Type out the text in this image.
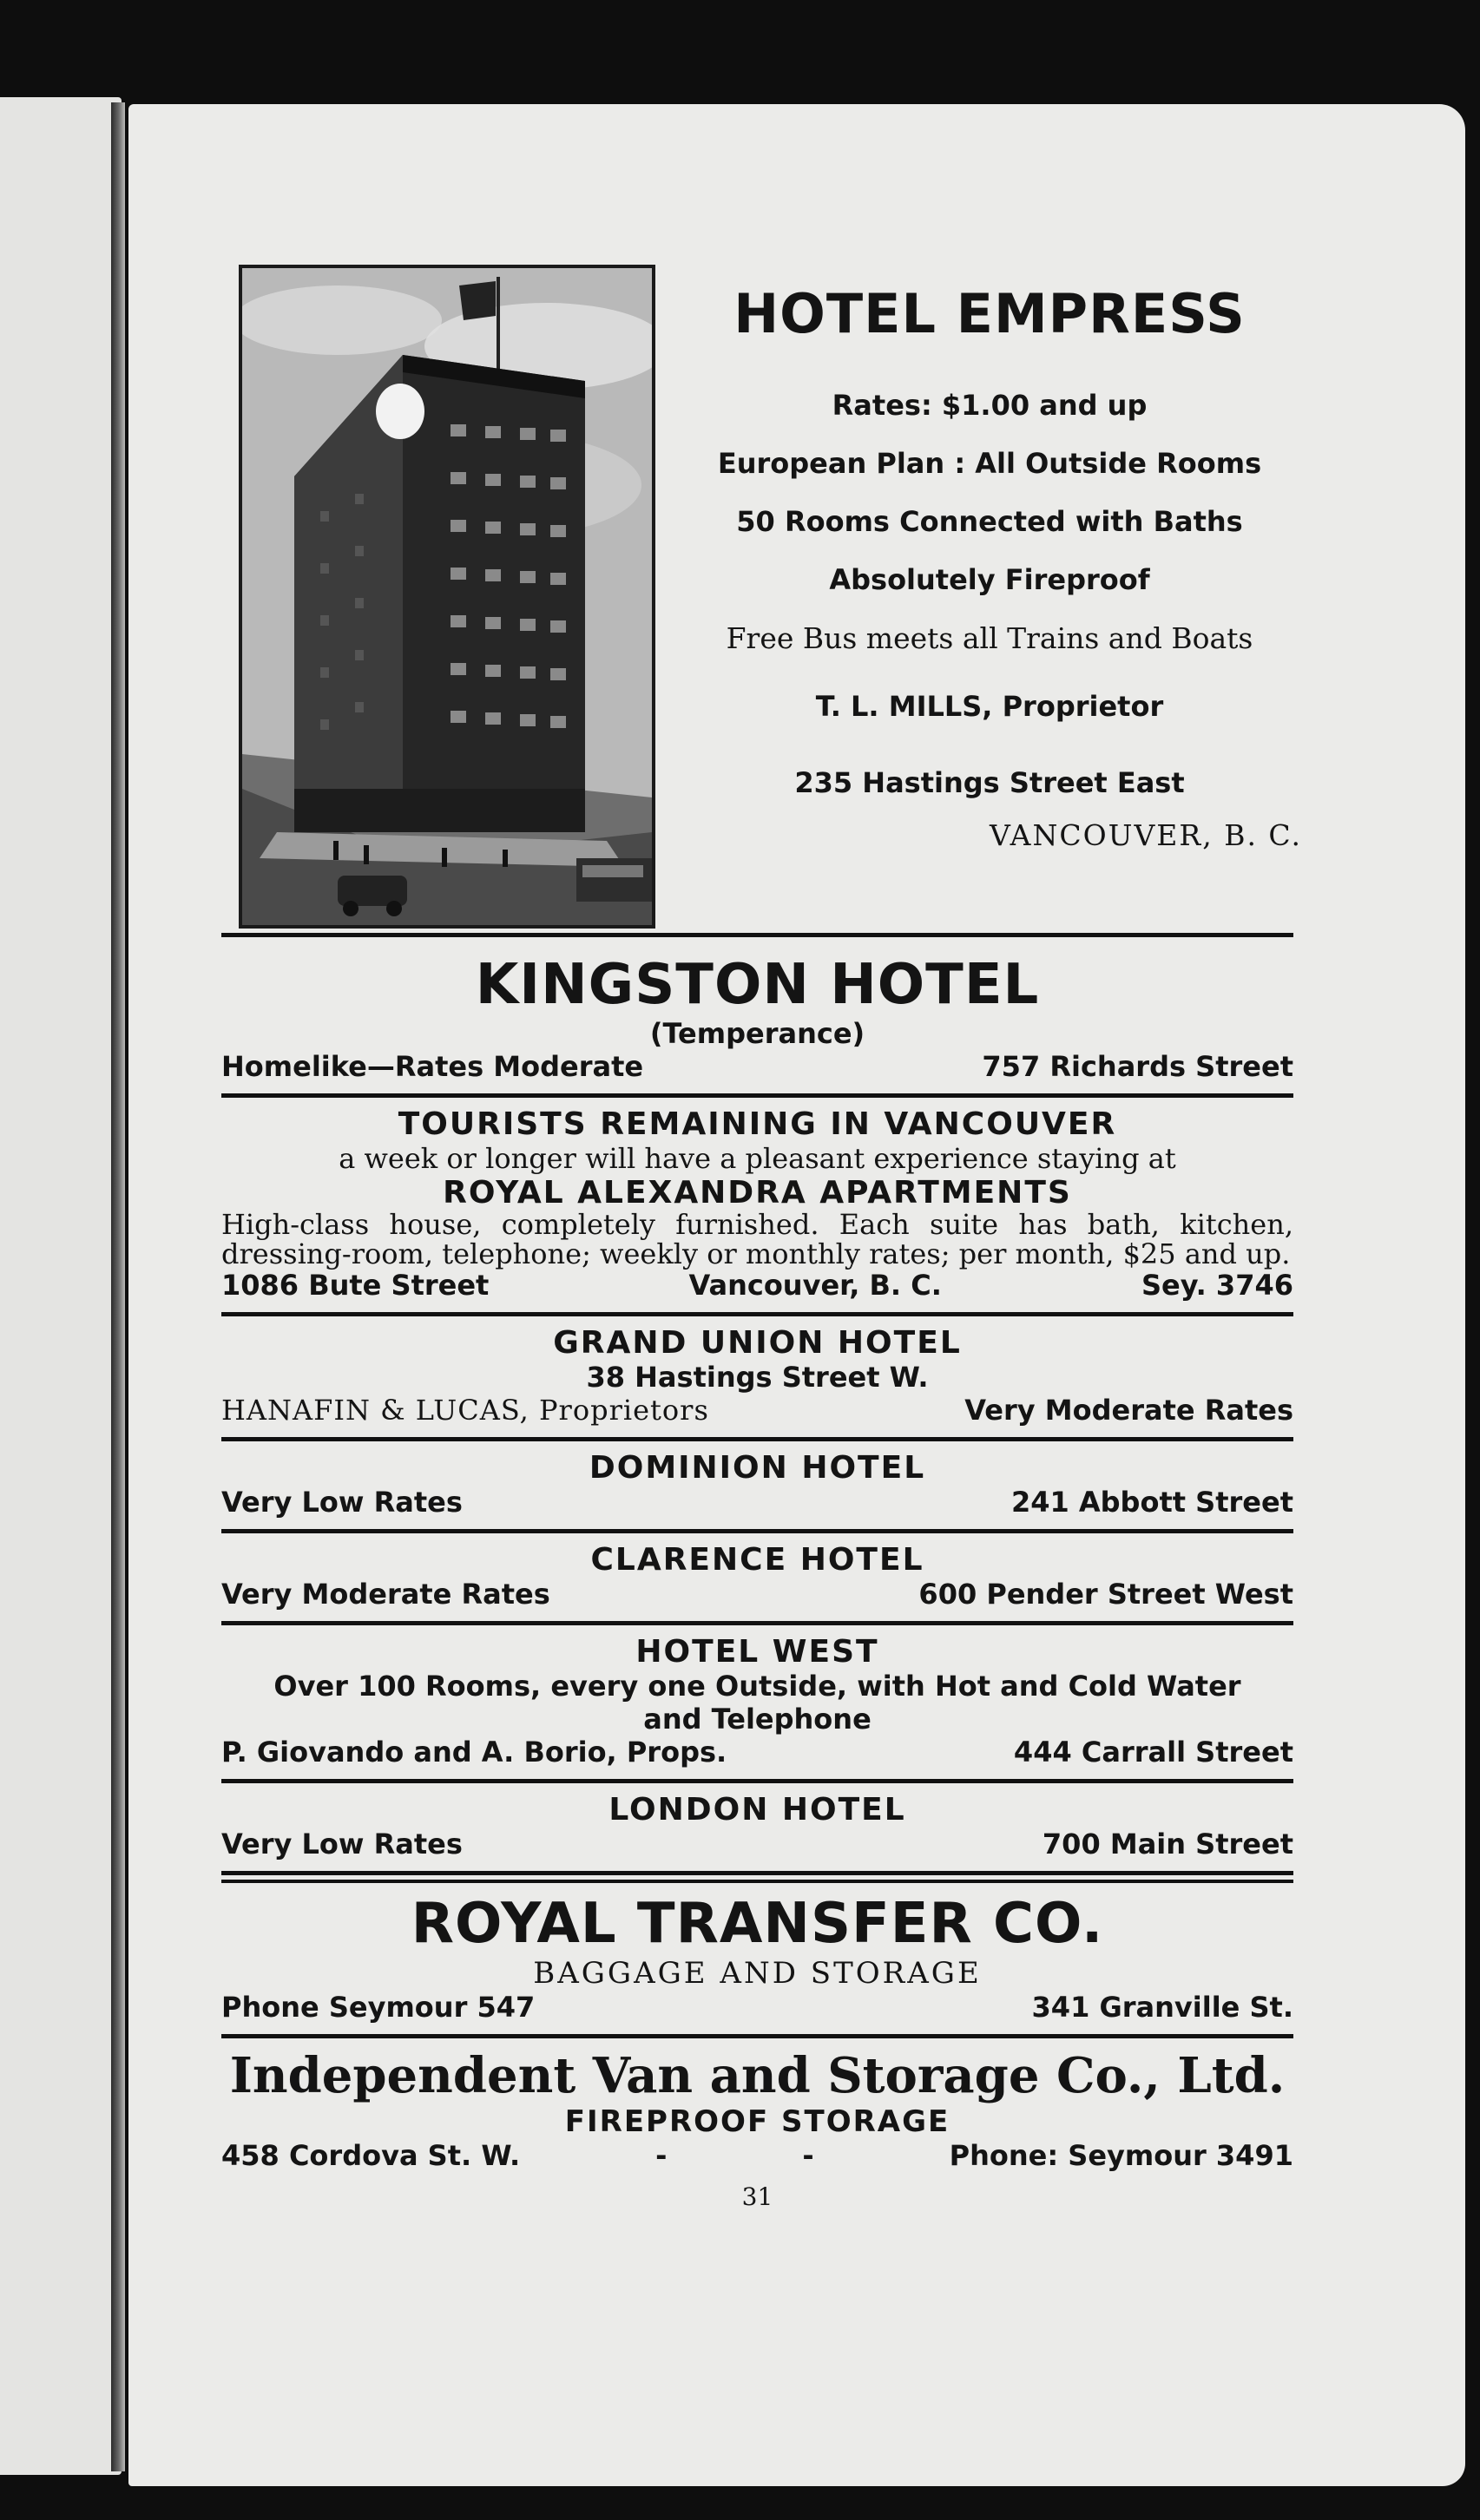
HOTEL EMPRESS
Rates: $1.00 and up
European Plan : All Outside Rooms
50 Rooms Connected with Baths
Absolutely Fireproof
Free Bus meets all Trains and Boats
T. L. MILLS, Proprietor
235 Hastings Street East
VANCOUVER, B. C.
KINGSTON HOTEL
(Temperance)
Homelike—Rates Moderate	757 Richards Street
TOURISTS REMAINING IN VANCOUVER
a week or longer will have a pleasant experience staying at
ROYAL ALEXANDRA APARTMENTS
High-class house, completely furnished. Each suite has bath, kitchen, dressing-room, telephone; weekly or monthly rates; per month, $25 and up.
1086 Bute Street	Vancouver, B. C.	Sey. 3746
GRAND UNION HOTEL
38 Hastings Street W.
HANAFIN & LUCAS, Proprietors	Very Moderate Rates
DOMINION HOTEL
Very Low Rates	241 Abbott Street
CLARENCE HOTEL
Very Moderate Rates	600 Pender Street West
HOTEL WEST
Over 100 Rooms, every one Outside, with Hot and Cold Water
and Telephone
P. Giovando and A. Borio, Props.	444 Carrall Street
LONDON HOTEL
Very Low Rates	700 Main Street
ROYAL TRANSFER CO.
BAGGAGE AND STORAGE
Phone Seymour 547	341 Granville St.
Independent Van and Storage Co., Ltd.
FIREPROOF STORAGE
458 Cordova St. W.	-	-	Phone: Seymour 3491
31
